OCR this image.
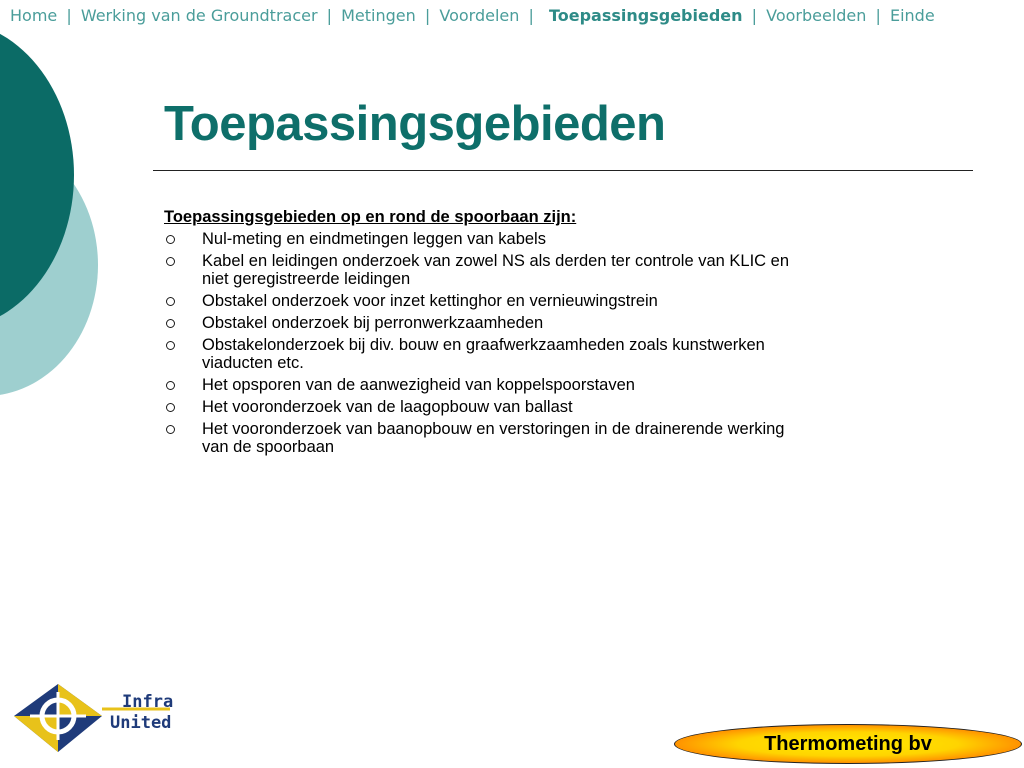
Home | Werking van de Groundtracer | Metingen | Voordelen | Toepassingsgebieden | Voorbeelden | Einde
Toepassingsgebieden

Toepassingsgebieden op en rond de spoorbaan zijn:

Nul-meting en eindmetingen leggen van kabels
Kabel en leidingen onderzoek van zowel NS als derden ter controle van KLIC en niet geregistreerde leidingen
Obstakel onderzoek voor inzet kettinghor en vernieuwingstrein
Obstakel onderzoek bij perronwerkzaamheden
Obstakelonderzoek bij div. bouw en graafwerkzaamheden zoals kunstwerken viaducten etc.
Het opsporen van de aanwezigheid van koppelspoorstaven
Het vooronderzoek van de laagopbouw van ballast
Het vooronderzoek van baanopbouw en verstoringen in de drainerende werking van de spoorbaan
Infra
United
Thermometing bv
